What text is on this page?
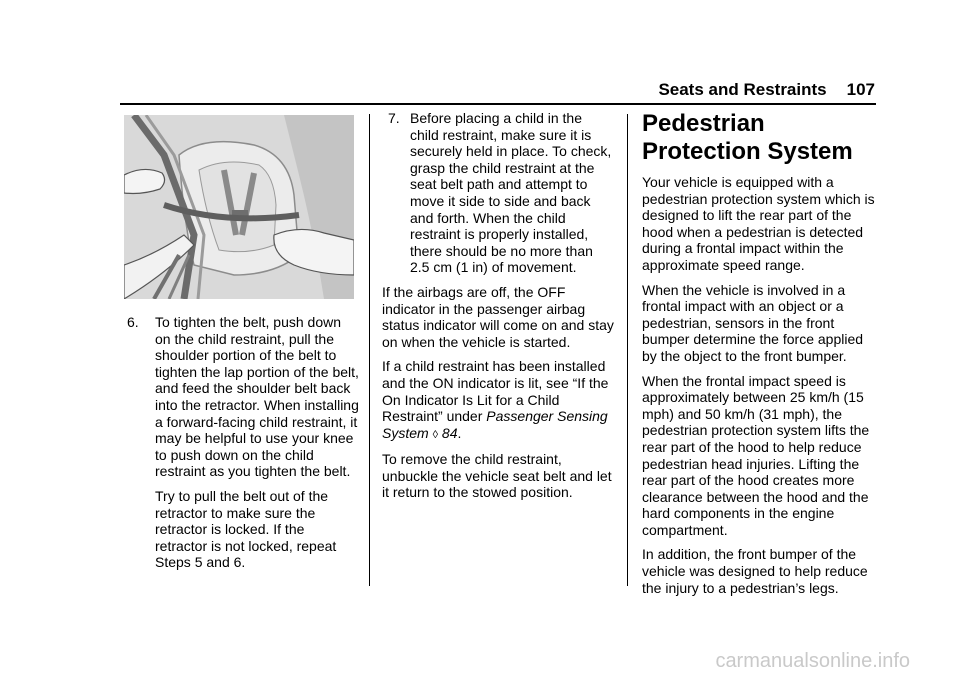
Seats and Restraints 107
6.	To tighten the belt, push down on the child restraint, pull the shoulder portion of the belt to tighten the lap portion of the belt, and feed the shoulder belt back into the retractor. When installing a forward-facing child restraint, it may be helpful to use your knee to push down on the child restraint as you tighten the belt.

Try to pull the belt out of the retractor to make sure the retractor is locked. If the retractor is not locked, repeat Steps 5 and 6.

7. Before placing a child in the child restraint, make sure it is securely held in place. To check, grasp the child restraint at the seat belt path and attempt to move it side to side and back and forth. When the child restraint is properly installed, there should be no more than 2.5 cm (1 in) of movement.

If the airbags are off, the OFF indicator in the passenger airbag status indicator will come on and stay on when the vehicle is started.

If a child restraint has been installed and the ON indicator is lit, see “If the On Indicator Is Lit for a Child Restraint” under Passenger Sensing System ◊ 84.

To remove the child restraint, unbuckle the vehicle seat belt and let it return to the stowed position.

Pedestrian Protection System

Your vehicle is equipped with a pedestrian protection system which is designed to lift the rear part of the hood when a pedestrian is detected during a frontal impact within the approximate speed range.

When the vehicle is involved in a frontal impact with an object or a pedestrian, sensors in the front bumper determine the force applied by the object to the front bumper.

When the frontal impact speed is approximately between 25 km/h (15 mph) and 50 km/h (31 mph), the pedestrian protection system lifts the rear part of the hood to help reduce pedestrian head injuries. Lifting the rear part of the hood creates more clearance between the hood and the hard components in the engine compartment.

In addition, the front bumper of the vehicle was designed to help reduce the injury to a pedestrian’s legs.

carmanualsonline.info
